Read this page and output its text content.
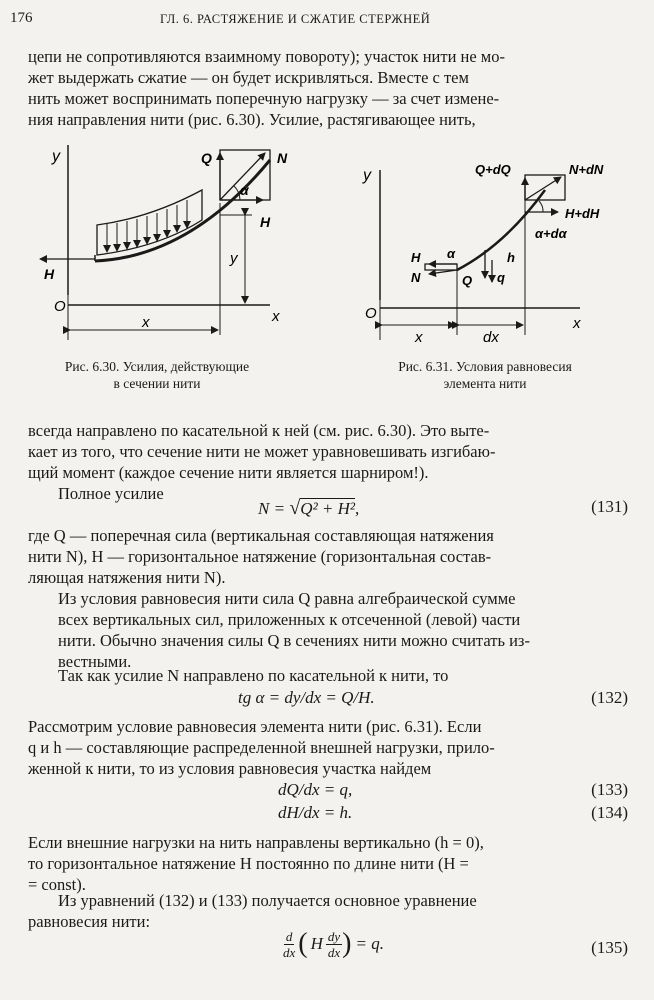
176	ГЛ. 6. РАСТЯЖЕНИЕ И СЖАТИЕ СТЕРЖНЕЙ

цепи не сопротивляются взаимному повороту); участок нити не мо-

жет выдержать сжатие — он будет искривляться. Вместе с тем

нить может воспринимать поперечную нагрузку — за счет измене-

ния направления нити (рис. 6.30). Усилие, растягивающее нить,

y	Q	N
α
H
H
y
O
x
x
Рис. 6.30. Усилия, действующие
в сечении нити
y	Q+dQ	N+dN
H+dH
α+dα
α
H
N	Q
h
q
O
x
x	dx
Рис. 6.31. Условия равновесия
элемента нити

всегда направлено по касательной к ней (см. рис. 6.30). Это выте-

кает из того, что сечение нити не может уравновешивать изгибаю-

щий момент (каждое сечение нити является шарниром!).

Полное усилие

N = √Q² + H²,	(131)

где Q — поперечная сила (вертикальная составляющая натяжения

нити N), H — горизонтальное натяжение (горизонтальная состав-

ляющая натяжения нити N).

Из условия равновесия нити сила Q равна алгебраической сумме

всех вертикальных сил, приложенных к отсеченной (левой) части

нити. Обычно значения силы Q в сечениях нити можно считать из-

вестными.

Так как усилие N направлено по касательной к нити, то

tg α = dy/dx = Q/H.	(132)

Рассмотрим условие равновесия элемента нити (рис. 6.31). Если

q и h — составляющие распределенной внешней нагрузки, прило-

женной к нити, то из условия равновесия участка найдем

dQ/dx = q,	(133)
dH/dx = h.	(134)

Если внешние нагрузки на нить направлены вертикально (h = 0),

то горизонтальное натяжение H постоянно по длине нити (H =

= const).

Из уравнений (132) и (133) получается основное уравнение

равновесия нити:

$\frac{d}{dx}$ ( H $\frac{dy}{dx}$ ) = q.	(135)
